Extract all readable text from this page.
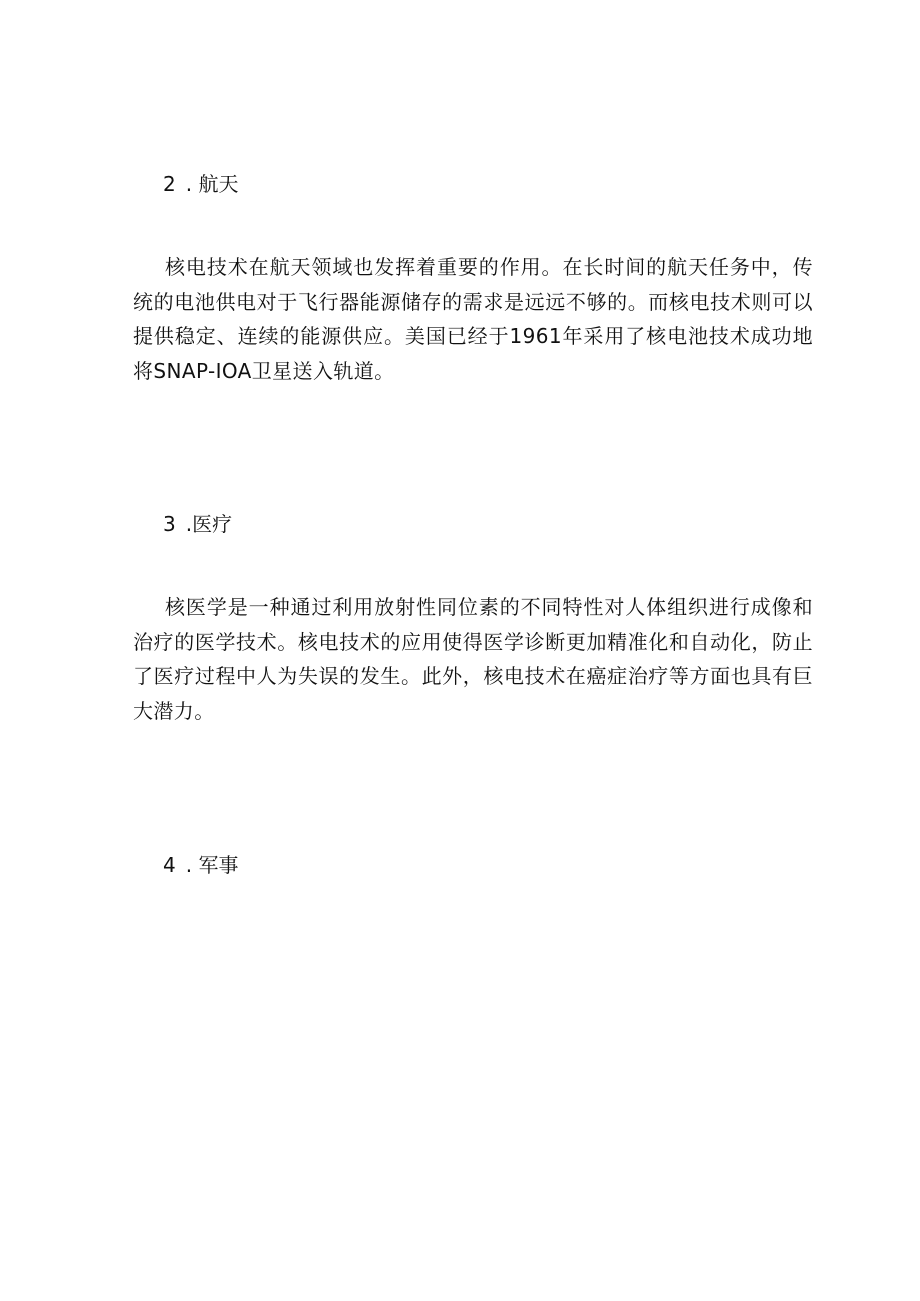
2 . 航天

核电技术在航天领域也发挥着重要的作用。在长时间的航天任务中，传统的电池供电对于飞行器能源储存的需求是远远不够的。而核电技术则可以提供稳定、连续的能源供应。美国已经于1961年采用了核电池技术成功地将SNAP-IOA卫星送入轨道。

3 .医疗

核医学是一种通过利用放射性同位素的不同特性对人体组织进行成像和治疗的医学技术。核电技术的应用使得医学诊断更加精准化和自动化，防止了医疗过程中人为失误的发生。此外，核电技术在癌症治疗等方面也具有巨大潜力。

4 . 军事
